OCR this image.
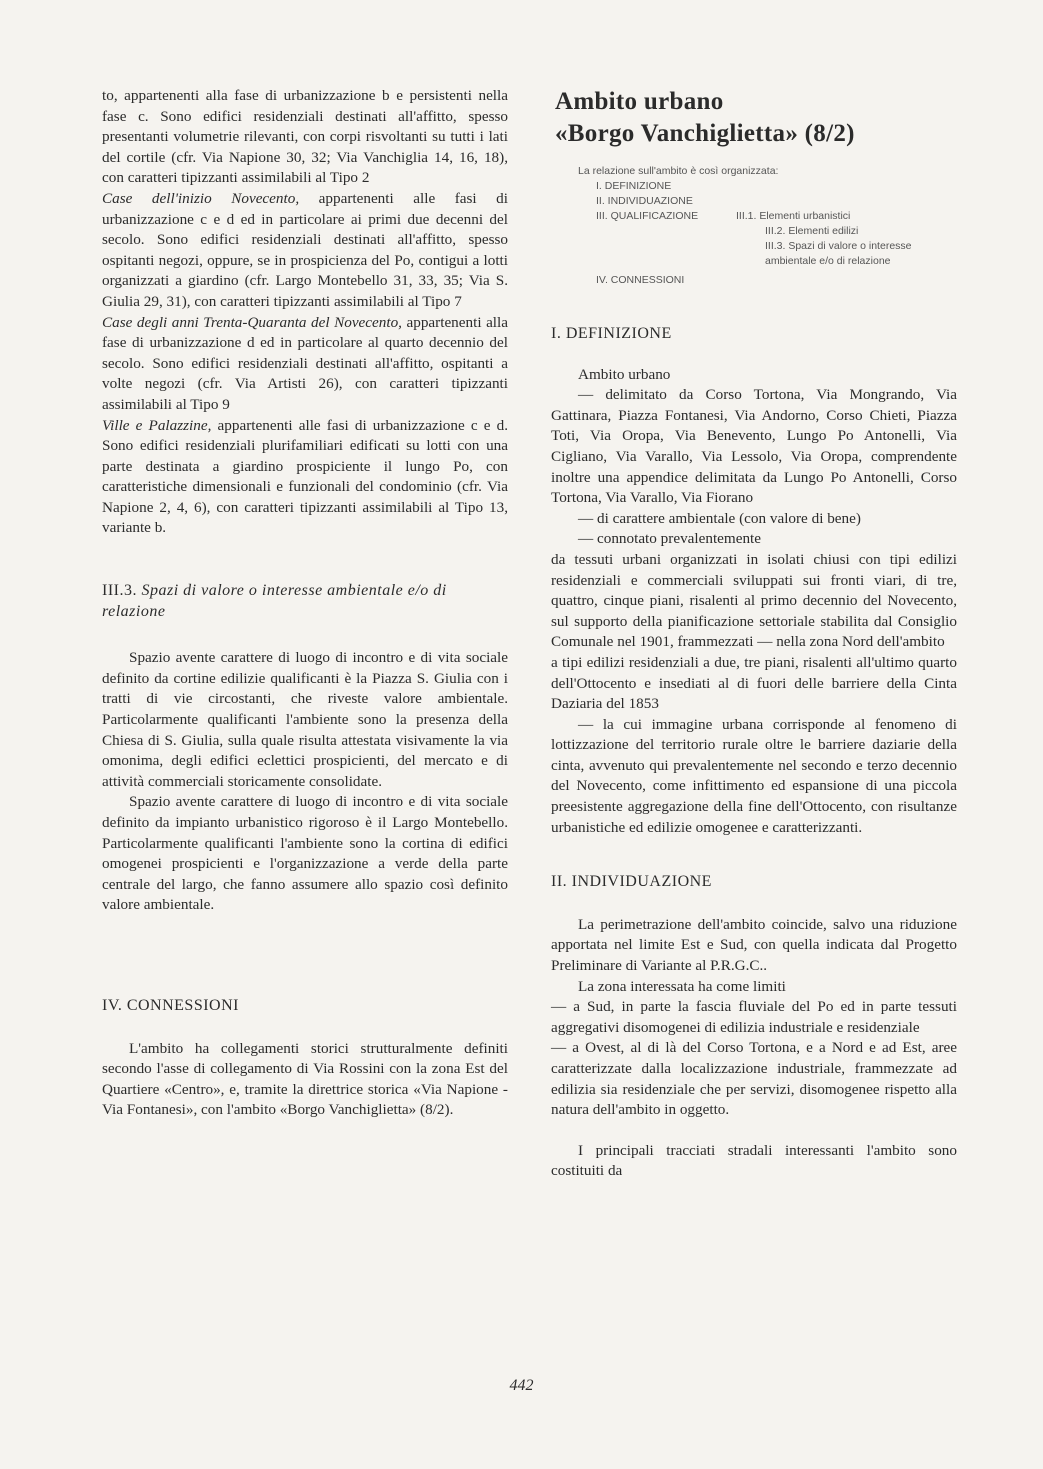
to, appartenenti alla fase di urbanizzazione b e persistenti nella fase c. Sono edifici residenziali destinati all'affitto, spesso presentanti volumetrie rilevanti, con corpi risvoltanti su tutti i lati del cortile (cfr. Via Napione 30, 32; Via Vanchiglia 14, 16, 18), con caratteri tipizzanti assimilabili al Tipo 2

Case dell'inizio Novecento, appartenenti alle fasi di urbanizzazione c e d ed in particolare ai primi due decenni del secolo. Sono edifici residenziali destinati all'affitto, spesso ospitanti negozi, oppure, se in prospicienza del Po, contigui a lotti organizzati a giardino (cfr. Largo Montebello 31, 33, 35; Via S. Giulia 29, 31), con caratteri tipizzanti assimilabili al Tipo 7

Case degli anni Trenta-Quaranta del Novecento, appartenenti alla fase di urbanizzazione d ed in particolare al quarto decennio del secolo. Sono edifici residenziali destinati all'affitto, ospitanti a volte negozi (cfr. Via Artisti 26), con caratteri tipizzanti assimilabili al Tipo 9

Ville e Palazzine, appartenenti alle fasi di urbanizzazione c e d. Sono edifici residenziali plurifamiliari edificati su lotti con una parte destinata a giardino prospiciente il lungo Po, con caratteristiche dimensionali e funzionali del condominio (cfr. Via Napione 2, 4, 6), con caratteri tipizzanti assimilabili al Tipo 13, variante b.

III.3. Spazi di valore o interesse ambientale e/o di relazione

Spazio avente carattere di luogo di incontro e di vita sociale definito da cortine edilizie qualificanti è la Piazza S. Giulia con i tratti di vie circostanti, che riveste valore ambientale. Particolarmente qualificanti l'ambiente sono la presenza della Chiesa di S. Giulia, sulla quale risulta attestata visivamente la via omonima, degli edifici eclettici prospicienti, del mercato e di attività commerciali storicamente consolidate.

Spazio avente carattere di luogo di incontro e di vita sociale definito da impianto urbanistico rigoroso è il Largo Montebello. Particolarmente qualificanti l'ambiente sono la cortina di edifici omogenei prospicienti e l'organizzazione a verde della parte centrale del largo, che fanno assumere allo spazio così definito valore ambientale.

IV. CONNESSIONI

L'ambito ha collegamenti storici strutturalmente definiti secondo l'asse di collegamento di Via Rossini con la zona Est del Quartiere «Centro», e, tramite la direttrice storica «Via Napione - Via Fontanesi», con l'ambito «Borgo Vanchiglietta» (8/2).

Ambito urbano

«Borgo Vanchiglietta» (8/2)

La relazione sull'ambito è così organizzata:
I. DEFINIZIONE
II. INDIVIDUAZIONE
III. QUALIFICAZIONE	III.1. Elementi urbanistici
III.2. Elementi edilizi
III.3. Spazi di valore o interesse ambientale e/o di relazione
IV. CONNESSIONI

I. DEFINIZIONE

Ambito urbano

— delimitato da Corso Tortona, Via Mongrando, Via Gattinara, Piazza Fontanesi, Via Andorno, Corso Chieti, Piazza Toti, Via Oropa, Via Benevento, Lungo Po Antonelli, Via Cigliano, Via Varallo, Via Lessolo, Via Oropa, comprendente inoltre una appendice delimitata da Lungo Po Antonelli, Corso Tortona, Via Varallo, Via Fiorano

— di carattere ambientale (con valore di bene)

— connotato prevalentemente

da tessuti urbani organizzati in isolati chiusi con tipi edilizi residenziali e commerciali sviluppati sui fronti viari, di tre, quattro, cinque piani, risalenti al primo decennio del Novecento, sul supporto della pianificazione settoriale stabilita dal Consiglio Comunale nel 1901, frammezzati — nella zona Nord dell'ambito

a tipi edilizi residenziali a due, tre piani, risalenti all'ultimo quarto dell'Ottocento e insediati al di fuori delle barriere della Cinta Daziaria del 1853

— la cui immagine urbana corrisponde al fenomeno di lottizzazione del territorio rurale oltre le barriere daziarie della cinta, avvenuto qui prevalentemente nel secondo e terzo decennio del Novecento, come infittimento ed espansione di una piccola preesistente aggregazione della fine dell'Ottocento, con risultanze urbanistiche ed edilizie omogenee e caratterizzanti.

II. INDIVIDUAZIONE

La perimetrazione dell'ambito coincide, salvo una riduzione apportata nel limite Est e Sud, con quella indicata dal Progetto Preliminare di Variante al P.R.G.C..

La zona interessata ha come limiti

— a Sud, in parte la fascia fluviale del Po ed in parte tessuti aggregativi disomogenei di edilizia industriale e residenziale

— a Ovest, al di là del Corso Tortona, e a Nord e ad Est, aree caratterizzate dalla localizzazione industriale, frammezzate ad edilizia sia residenziale che per servizi, disomogenee rispetto alla natura dell'ambito in oggetto.

I principali tracciati stradali interessanti l'ambito sono costituiti da

442
